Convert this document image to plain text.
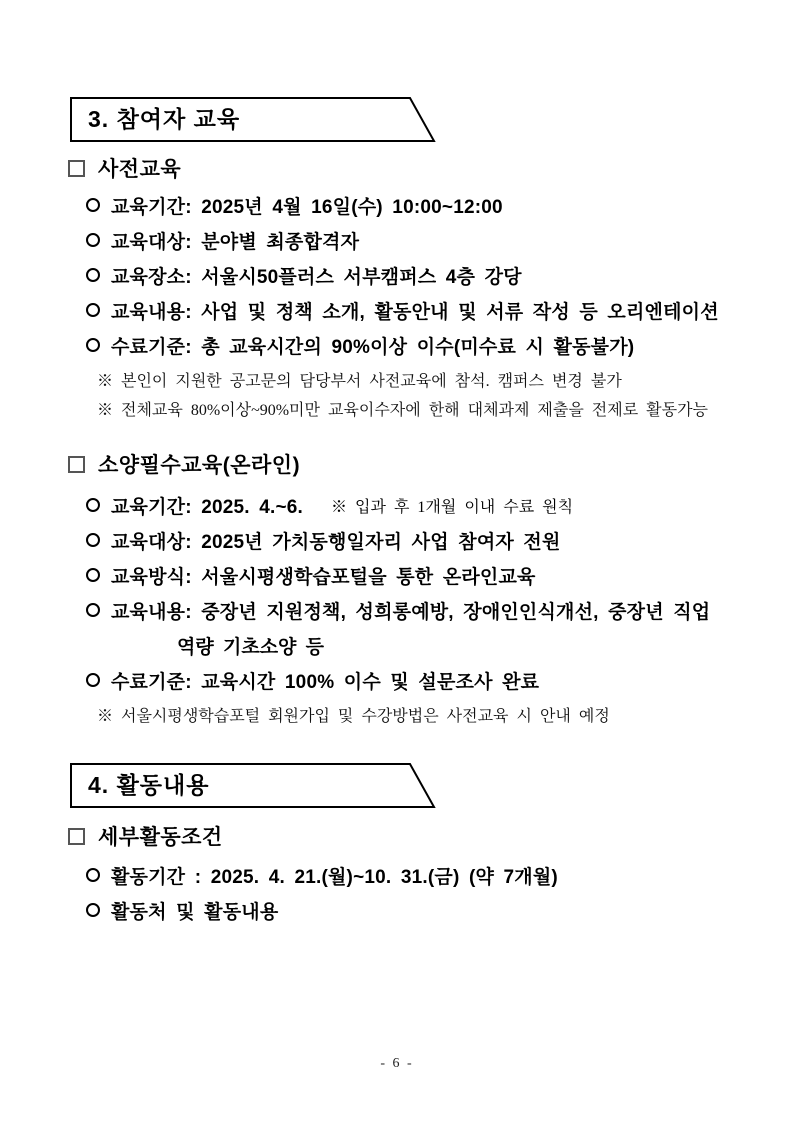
3. 참여자 교육
사전교육
교육기간: 2025년 4월 16일(수) 10:00~12:00
교육대상: 분야별 최종합격자
교육장소: 서울시50플러스 서부캠퍼스 4층 강당
교육내용: 사업 및 정책 소개, 활동안내 및 서류 작성 등 오리엔테이션
수료기준: 총 교육시간의 90%이상 이수(미수료 시 활동불가)
※ 본인이 지원한 공고문의 담당부서 사전교육에 참석. 캠퍼스 변경 불가
※ 전체교육 80%이상~90%미만 교육이수자에 한해 대체과제 제출을 전제로 활동가능
소양필수교육(온라인)
교육기간: 2025. 4.~6. ※ 입과 후 1개월 이내 수료 원칙
교육대상: 2025년 가치동행일자리 사업 참여자 전원
교육방식: 서울시평생학습포털을 통한 온라인교육
교육내용: 중장년 지원정책, 성희롱예방, 장애인인식개선, 중장년 직업
역량 기초소양 등
수료기준: 교육시간 100% 이수 및 설문조사 완료
※ 서울시평생학습포털 회원가입 및 수강방법은 사전교육 시 안내 예정
4. 활동내용
세부활동조건
활동기간 : 2025. 4. 21.(월)~10. 31.(금) (약 7개월)
활동처 및 활동내용
- 6 -
